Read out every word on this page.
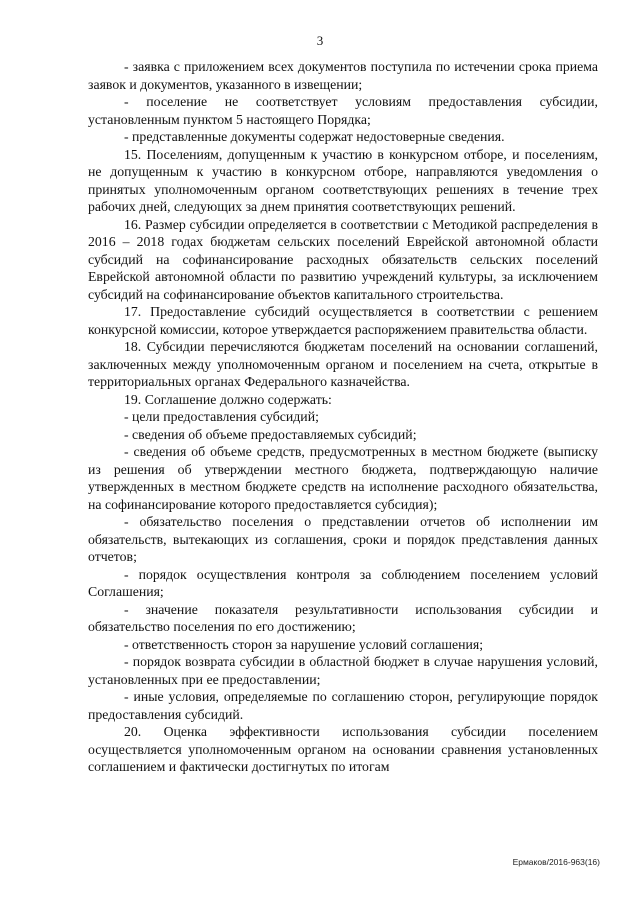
3

- заявка с приложением всех документов поступила по истечении срока приема заявок и документов, указанного в извещении;

- поселение не соответствует условиям предоставления субсидии, установленным пунктом 5 настоящего Порядка;

- представленные документы содержат недостоверные сведения.

15. Поселениям, допущенным к участию в конкурсном отборе, и поселениям, не допущенным к участию в конкурсном отборе, направляются уведомления о принятых уполномоченным органом соответствующих решениях в течение трех рабочих дней, следующих за днем принятия соответствующих решений.

16. Размер субсидии определяется в соответствии с Методикой распределения в 2016 – 2018 годах бюджетам сельских поселений Еврейской автономной области субсидий на софинансирование расходных обязательств сельских поселений Еврейской автономной области по развитию учреждений культуры, за исключением субсидий на софинансирование объектов капитального строительства.

17. Предоставление субсидий осуществляется в соответствии с решением конкурсной комиссии, которое утверждается распоряжением правительства области.

18. Субсидии перечисляются бюджетам поселений на основании соглашений, заключенных между уполномоченным органом и поселением на счета, открытые в территориальных органах Федерального казначейства.

19. Соглашение должно содержать:

- цели предоставления субсидий;

- сведения об объеме предоставляемых субсидий;

- сведения об объеме средств, предусмотренных в местном бюджете (выписку из решения об утверждении местного бюджета, подтверждающую наличие утвержденных в местном бюджете средств на исполнение расходного обязательства, на софинансирование которого предоставляется субсидия);

- обязательство поселения о представлении отчетов об исполнении им обязательств, вытекающих из соглашения, сроки и порядок представления данных отчетов;

- порядок осуществления контроля за соблюдением поселением условий Соглашения;

- значение показателя результативности использования субсидии и обязательство поселения по его достижению;

- ответственность сторон за нарушение условий соглашения;

- порядок возврата субсидии в областной бюджет в случае нарушения условий, установленных при ее предоставлении;

- иные условия, определяемые по соглашению сторон, регулирующие порядок предоставления субсидий.

20. Оценка эффективности использования субсидии поселением осуществляется уполномоченным органом на основании сравнения установленных соглашением и фактически достигнутых по итогам

Ермаков/2016-963(16)
